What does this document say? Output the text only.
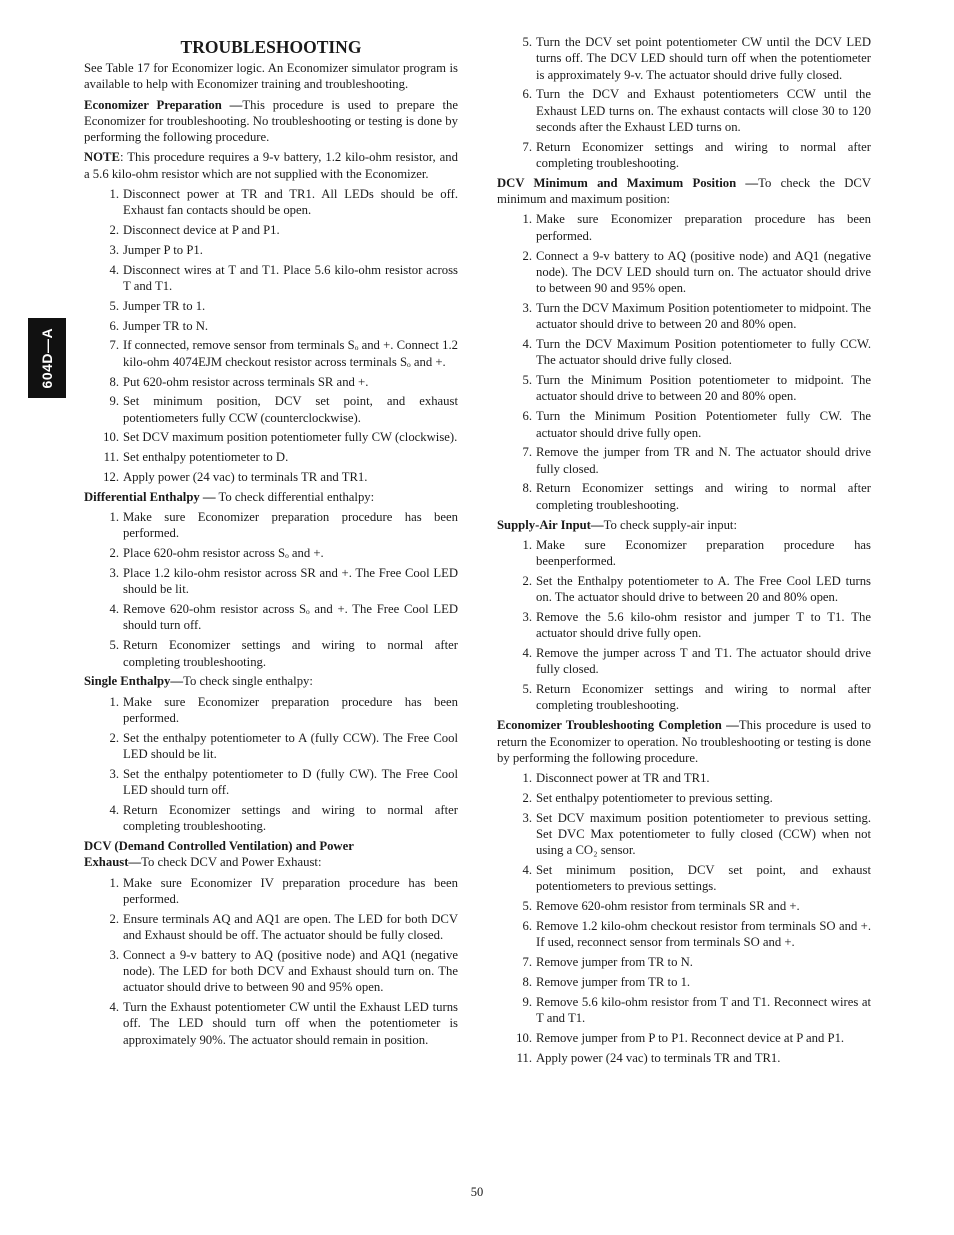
604D—A
TROUBLESHOOTING

See Table 17 for Economizer logic. An Economizer simulator program is available to help with Economizer training and troubleshooting.

Economizer Preparation —This procedure is used to prepare the Economizer for troubleshooting. No troubleshooting or testing is done by performing the following procedure.

NOTE: This procedure requires a 9-v battery, 1.2 kilo-ohm resistor, and a 5.6 kilo-ohm resistor which are not supplied with the Economizer.

1. Disconnect power at TR and TR1. All LEDs should be off. Exhaust fan contacts should be open.
2. Disconnect device at P and P1.
3. Jumper P to P1.
4. Disconnect wires at T and T1. Place 5.6 kilo-ohm resistor across T and T1.
5. Jumper TR to 1.
6. Jumper TR to N.
7. If connected, remove sensor from terminals Sₒ and +. Connect 1.2 kilo-ohm 4074EJM checkout resistor across terminals Sₒ and +.
8. Put 620-ohm resistor across terminals SR and +.
9. Set minimum position, DCV set point, and exhaust potentiometers fully CCW (counterclockwise).
10. Set DCV maximum position potentiometer fully CW (clockwise).
11. Set enthalpy potentiometer to D.
12. Apply power (24 vac) to terminals TR and TR1.

Differential Enthalpy — To check differential enthalpy:

1. Make sure Economizer preparation procedure has been performed.
2. Place 620-ohm resistor across Sₒ and +.
3. Place 1.2 kilo-ohm resistor across SR and +. The Free Cool LED should be lit.
4. Remove 620-ohm resistor across Sₒ and +. The Free Cool LED should turn off.
5. Return Economizer settings and wiring to normal after completing troubleshooting.

Single Enthalpy—To check single enthalpy:

1. Make sure Economizer preparation procedure has been performed.
2. Set the enthalpy potentiometer to A (fully CCW). The Free Cool LED should be lit.
3. Set the enthalpy potentiometer to D (fully CW). The Free Cool LED should turn off.
4. Return Economizer settings and wiring to normal after completing troubleshooting.

DCV (Demand Controlled Ventilation) and Power

Exhaust—To check DCV and Power Exhaust:

1. Make sure Economizer IV preparation procedure has been performed.
2. Ensure terminals AQ and AQ1 are open. The LED for both DCV and Exhaust should be off. The actuator should be fully closed.
3. Connect a 9-v battery to AQ (positive node) and AQ1 (negative node). The LED for both DCV and Exhaust should turn on. The actuator should drive to between 90 and 95% open.
4. Turn the Exhaust potentiometer CW until the Exhaust LED turns off. The LED should turn off when the potentiometer is approximately 90%. The actuator should remain in position.
5. Turn the DCV set point potentiometer CW until the DCV LED turns off. The DCV LED should turn off when the potentiometer is approximately 9-v. The actuator should drive fully closed.
6. Turn the DCV and Exhaust potentiometers CCW until the Exhaust LED turns on. The exhaust contacts will close 30 to 120 seconds after the Exhaust LED turns on.
7. Return Economizer settings and wiring to normal after completing troubleshooting.

DCV Minimum and Maximum Position —To check the DCV minimum and maximum position:

1. Make sure Economizer preparation procedure has been performed.
2. Connect a 9-v battery to AQ (positive node) and AQ1 (negative node). The DCV LED should turn on. The actuator should drive to between 90 and 95% open.
3. Turn the DCV Maximum Position potentiometer to midpoint. The actuator should drive to between 20 and 80% open.
4. Turn the DCV Maximum Position potentiometer to fully CCW. The actuator should drive fully closed.
5. Turn the Minimum Position potentiometer to midpoint. The actuator should drive to between 20 and 80% open.
6. Turn the Minimum Position Potentiometer fully CW. The actuator should drive fully open.
7. Remove the jumper from TR and N. The actuator should drive fully closed.
8. Return Economizer settings and wiring to normal after completing troubleshooting.

Supply-Air Input—To check supply-air input:

1. Make sure Economizer preparation procedure has beenperformed.
2. Set the Enthalpy potentiometer to A. The Free Cool LED turns on. The actuator should drive to between 20 and 80% open.
3. Remove the 5.6 kilo-ohm resistor and jumper T to T1. The actuator should drive fully open.
4. Remove the jumper across T and T1. The actuator should drive fully closed.
5. Return Economizer settings and wiring to normal after completing troubleshooting.

Economizer Troubleshooting Completion —This procedure is used to return the Economizer to operation. No troubleshooting or testing is done by performing the following procedure.

1. Disconnect power at TR and TR1.
2. Set enthalpy potentiometer to previous setting.
3. Set DCV maximum position potentiometer to previous setting. Set DVC Max potentiometer to fully closed (CCW) when not using a CO₂ sensor.
4. Set minimum position, DCV set point, and exhaust potentiometers to previous settings.
5. Remove 620-ohm resistor from terminals SR and +.
6. Remove 1.2 kilo-ohm checkout resistor from terminals SO and +. If used, reconnect sensor from terminals SO and +.
7. Remove jumper from TR to N.
8. Remove jumper from TR to 1.
9. Remove 5.6 kilo-ohm resistor from T and T1. Reconnect wires at T and T1.
10. Remove jumper from P to P1. Reconnect device at P and P1.
11. Apply power (24 vac) to terminals TR and TR1.
50
